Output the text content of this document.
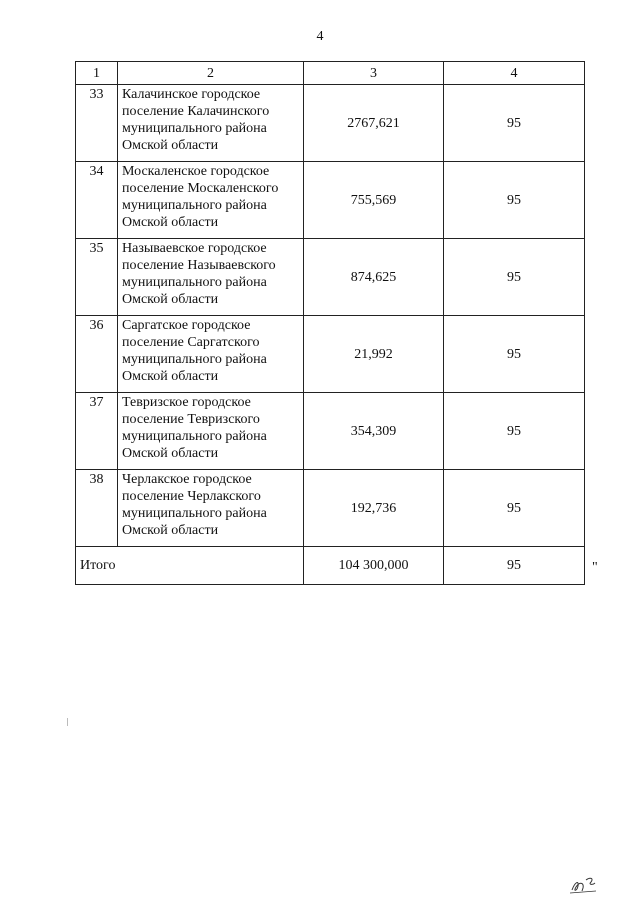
4
1	2	3	4
33	Калачинское городское поселение Калачинского муниципального района Омской области	2767,621	95
34	Москаленское городское поселение Москаленского муниципального района Омской области	755,569	95
35	Называевское городское поселение Называевского муниципального района Омской области	874,625	95
36	Саргатское городское поселение Саргатского муниципального района Омской области	21,992	95
37	Тевризское городское поселение Тевризского муниципального района Омской области	354,309	95
38	Черлакское городское поселение Черлакского муниципального района Омской области	192,736	95
Итого		104 300,000	95	"
